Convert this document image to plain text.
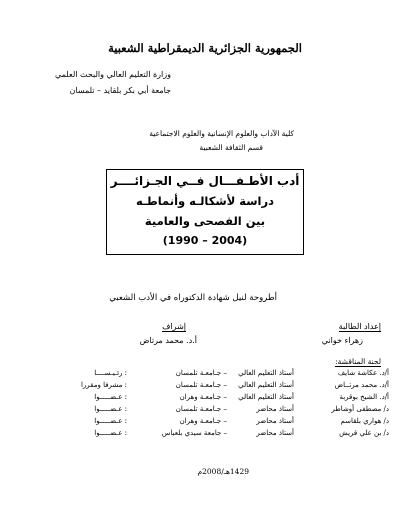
الجمهورية الجزائرية الديمقراطية الشعبية
وزارة التعليم العالي والبحث العلمي
جامعة أبي بكر بلقايد – تلمسان
كلية الآداب والعلوم الإنسانية والعلوم الاجتماعية
قسم الثقافة الشعبية
أدب الأطـفـــال فــي الجـزائــــر
دراسة لأشكالـه وأنماطـه
بين الفصحى والعامية
(1990 – 2004)
أطروحة لنيل شهادة الدكتوراه في الأدب الشعبي
إعداد الطالبة
زهراء خواني
إشراف
أ.د. محمد مرتاض
لجنة المناقشة:
أ/د. عكاشة شايف
أستاذ التعليم العالي
– جـامعـة تلمسان
: رئـيـســــا
أ/د. محمد مرتــاض
أستاذ التعليم العالي
– جـامعـة تلمسان
: مشرفا ومقررا
أ/د. الشيخ بوقربة
أستاذ التعليم العالي
– جـامعـة وهران
: عـضـــــوا
د/ مصطفى أوشاطر
أستاذ محاضر
– جـامعـة تلمسان
: عـضـــــوا
د/ هواري بلقاسم
أستاذ محاضر
– جـامعـة وهران
: عـضـــــوا
د/ بن علي قريش
أستاذ محاضر
– جامعة سيدي بلعباس
: عـضـــــوا
1429هـ/2008م
